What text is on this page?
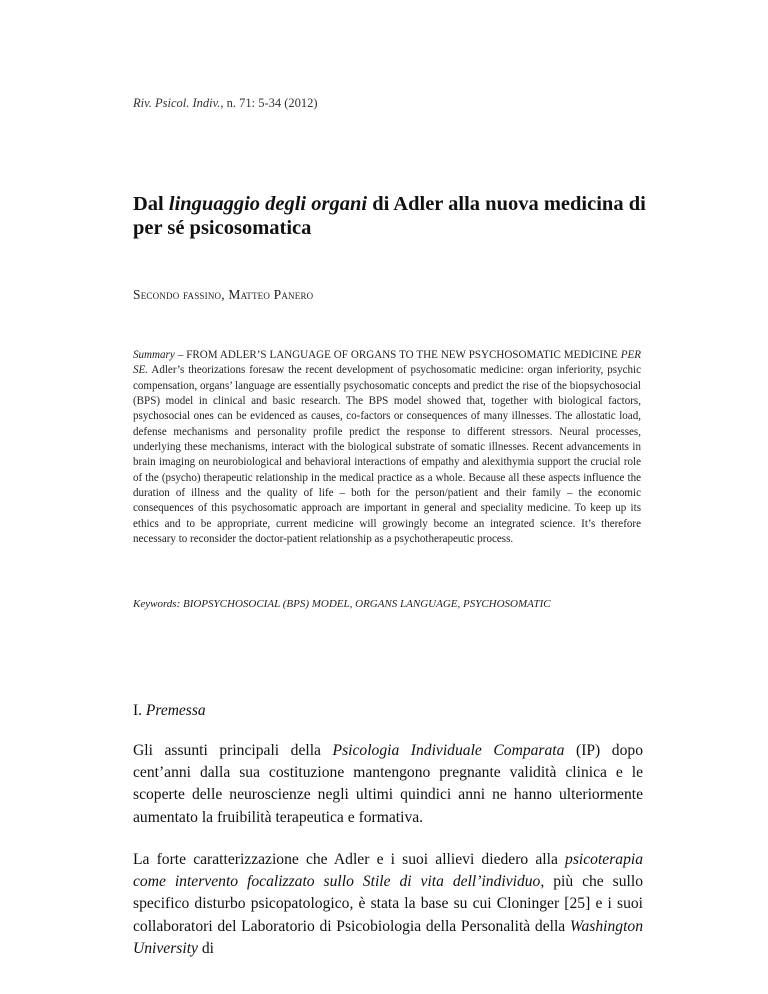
Riv. Psicol. Indiv., n. 71: 5-34 (2012)
Dal linguaggio degli organi di Adler alla nuova medicina di per sé psicosomatica
Secondo fassino, Matteo Panero

Summary – FROM ADLER’S LANGUAGE OF ORGANS TO THE NEW PSYCHOSOMATIC MEDICINE PER SE. Adler’s theorizations foresaw the recent development of psychosomatic medicine: organ inferiority, psychic compensation, organs’ language are essentially psychosomatic concepts and predict the rise of the biopsychosocial (BPS) model in clinical and basic research. The BPS model showed that, together with biological factors, psychosocial ones can be evidenced as causes, co-factors or consequences of many illnesses. The allostatic load, defense mechanisms and personality profile predict the response to different stressors. Neural processes, underlying these mechanisms, interact with the biological substrate of somatic illnesses. Recent advancements in brain imaging on neurobiological and behavioral interactions of empathy and alexithymia support the crucial role of the (psycho) therapeutic relationship in the medical practice as a whole. Because all these aspects influence the duration of illness and the quality of life – both for the person/patient and their family – the economic consequences of this psychosomatic approach are important in general and speciality medicine. To keep up its ethics and to be appropriate, current medicine will growingly become an integrated science. It’s therefore necessary to reconsider the doctor-patient relationship as a psychotherapeutic process.

Keywords: BIOPSYCHOSOCIAL (BPS) MODEL, ORGANS LANGUAGE, PSYCHOSOMATIC
I. Premessa

Gli assunti principali della Psicologia Individuale Comparata (IP) dopo cent’anni dalla sua costituzione mantengono pregnante validità clinica e le scoperte delle neuroscienze negli ultimi quindici anni ne hanno ulteriormente aumentato la fruibilità terapeutica e formativa.

La forte caratterizzazione che Adler e i suoi allievi diedero alla psicoterapia come intervento focalizzato sullo Stile di vita dell’individuo, più che sullo specifico disturbo psicopatologico, è stata la base su cui Cloninger [25] e i suoi collaboratori del Laboratorio di Psicobiologia della Personalità della Washington University di
